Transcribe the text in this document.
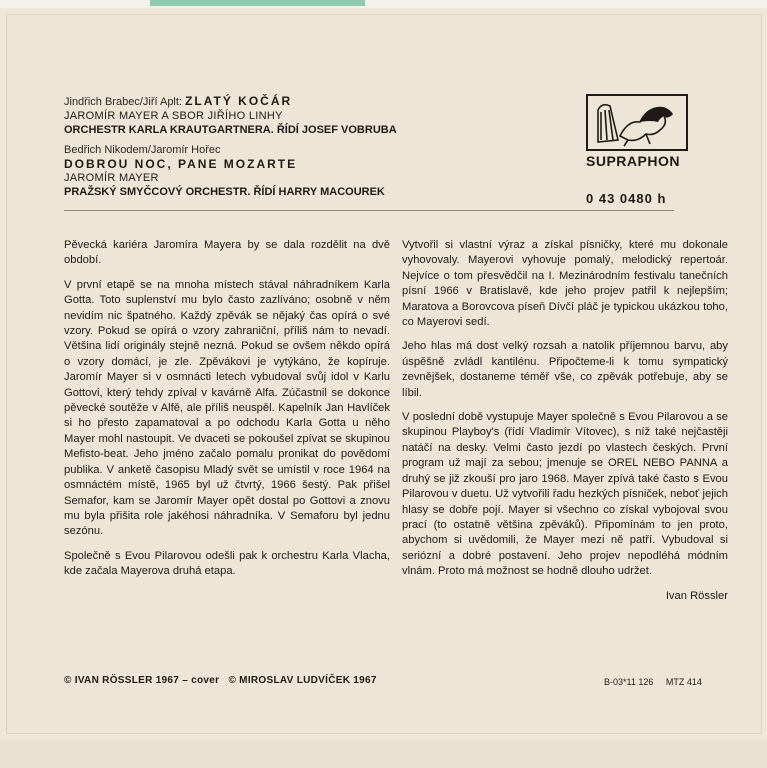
Jindřich Brabec/Jiří Aplt: ZLATÝ KOČÁR
JAROMÍR MAYER A SBOR JIŘÍHO LINHY
ORCHESTR KARLA KRAUTGARTNERA. ŘÍDÍ JOSEF VOBRUBA
Bedřich Nikodem/Jaromír Hořec
DOBROU NOC, PANE MOZARTE
JAROMÍR MAYER
PRAŽSKÝ SMYČCOVÝ ORCHESTR. ŘÍDÍ HARRY MACOUREK
SUPRAPHON
0 43 0480 h

Pěvecká kariéra Jaromíra Mayera by se dala rozdělit na dvě období.

V první etapě se na mnoha místech stával náhradníkem Karla Gotta. Toto suplenství mu bylo často zazlíváno; osobně v něm nevidím nic špatného. Každý zpěvák se nějaký čas opírá o své vzory. Pokud se opírá o vzory zahraniční, příliš nám to nevadí. Většina lidí originály stejně nezná. Pokud se ovšem někdo opírá o vzory domácí, je zle. Zpěvákovi je vytýkáno, že kopíruje. Jaromír Mayer si v osmnácti letech vybudoval svůj idol v Karlu Gottovi, který tehdy zpíval v kavárně Alfa. Zúčastnil se dokonce pěvecké soutěže v Alfě, ale příliš neuspěl. Kapelník Jan Havlíček si ho přesto zapamatoval a po odchodu Karla Gotta u něho Mayer mohl nastoupit. Ve dvaceti se pokoušel zpívat se skupinou Mefisto-beat. Jeho jméno začalo pomalu pronikat do povědomí publika. V anketě časopisu Mladý svět se umístil v roce 1964 na osmnáctém místě, 1965 byl už čtvrtý, 1966 šestý. Pak přišel Semafor, kam se Jaromír Mayer opět dostal po Gottovi a znovu mu byla přišita role jakéhosi náhradníka. V Semaforu byl jednu sezónu.

Společně s Evou Pilarovou odešli pak k orchestru Karla Vlacha, kde začala Mayerova druhá etapa.

Vytvořil si vlastní výraz a získal písničky, které mu dokonale vyhovovaly. Mayerovi vyhovuje pomalý, melodický repertoár. Nejvíce o tom přesvědčil na I. Mezinárodním festivalu tanečních písní 1966 v Bratislavě, kde jeho projev patřil k nejlepším; Maratova a Borovcova píseň Dívčí pláč je typickou ukázkou toho, co Mayerovi sedí.

Jeho hlas má dost velký rozsah a natolik příjemnou barvu, aby úspěšně zvládl kantilénu. Připočteme-li k tomu sympatický zevnějšek, dostaneme téměř vše, co zpěvák potřebuje, aby se líbil.

V poslední době vystupuje Mayer společně s Evou Pilarovou a se skupinou Playboy's (řídí Vladimír Vítovec), s níž také nejčastěji natáčí na desky. Velmi často jezdí po vlastech českých. První program už mají za sebou; jmenuje se OREL NEBO PANNA a druhý se již zkouší pro jaro 1968. Mayer zpívá také často s Evou Pilarovou v duetu. Už vytvořili řadu hezkých písniček, neboť jejich hlasy se dobře pojí. Mayer si všechno co získal vybojoval svou prací (to ostatně většina zpěváků). Připomínám to jen proto, abychom si uvědomili, že Mayer mezi ně patří. Vybudoval si seriózní a dobré postavení. Jeho projev nepodléhá módním vlnám. Proto má možnost se hodně dlouho udržet.

Ivan Rössler

© IVAN RÖSSLER 1967 – cover © MIROSLAV LUDVÍČEK 1967	B-03*11 126 MTZ 414
